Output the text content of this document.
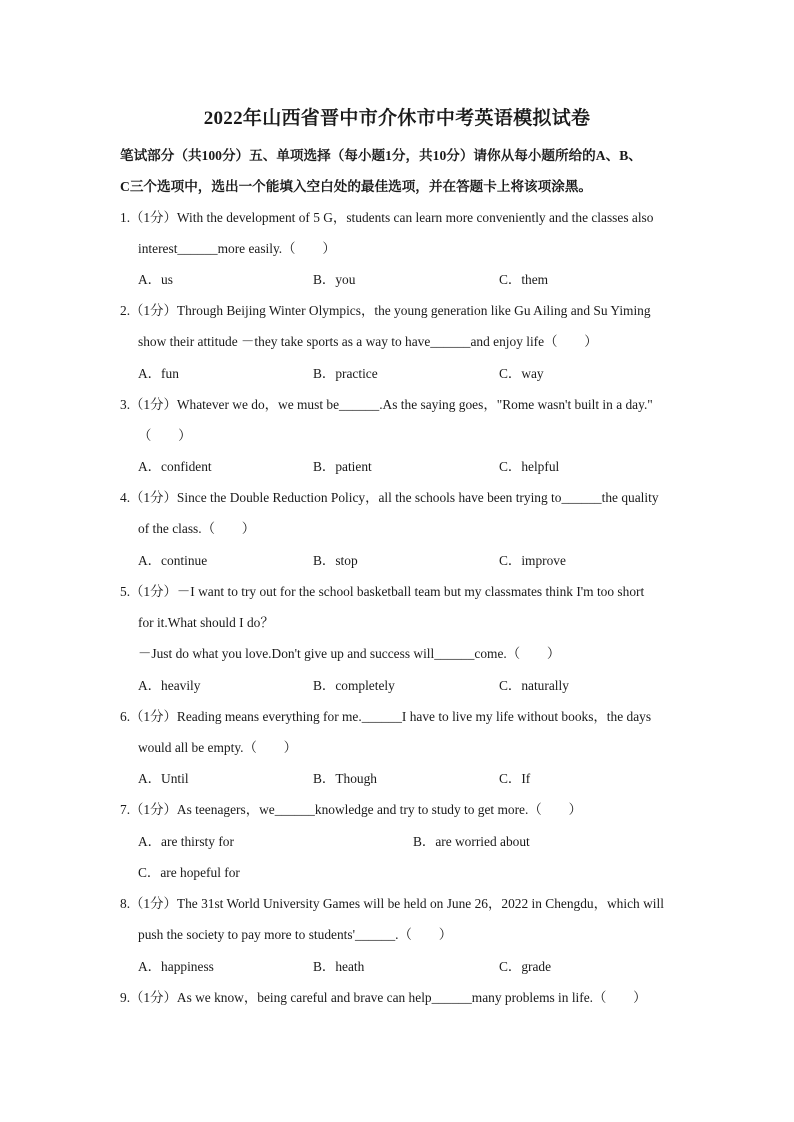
2022年山西省晋中市介休市中考英语模拟试卷
笔试部分（共100分）五、单项选择（每小题1分，共10分）请你从每小题所给的A、B、
C三个选项中，选出一个能填入空白处的最佳选项，并在答题卡上将该项涂黑。
1.（1分）With the development of 5 G，students can learn more conveniently and the classes also
interest______more easily.（　　）
A．us	B．you	C．them
2.（1分）Through Beijing Winter Olympics，the young generation like Gu Ailing and Su Yiming
show their attitude －they take sports as a way to have______and enjoy life（　　）
A．fun	B．practice	C．way
3.（1分）Whatever we do，we must be______.As the saying goes，"Rome wasn't built in a day."
（　　）
A．confident	B．patient	C．helpful
4.（1分）Since the Double Reduction Policy，all the schools have been trying to______the quality
of the class.（　　）
A．continue	B．stop	C．improve
5.（1分）－I want to try out for the school basketball team but my classmates think I'm too short
for it.What should I do？
－Just do what you love.Don't give up and success will______come.（　　）
A．heavily	B．completely	C．naturally
6.（1分）Reading means everything for me.______I have to live my life without books，the days
would all be empty.（　　）
A．Until	B．Though	C．If
7.（1分）As teenagers，we______knowledge and try to study to get more.（　　）
A．are thirsty for	B．are worried about
C．are hopeful for
8.（1分）The 31st World University Games will be held on June 26，2022 in Chengdu，which will
push the society to pay more to students'______.（　　）
A．happiness	B．heath	C．grade
9.（1分）As we know，being careful and brave can help______many problems in life.（　　）
